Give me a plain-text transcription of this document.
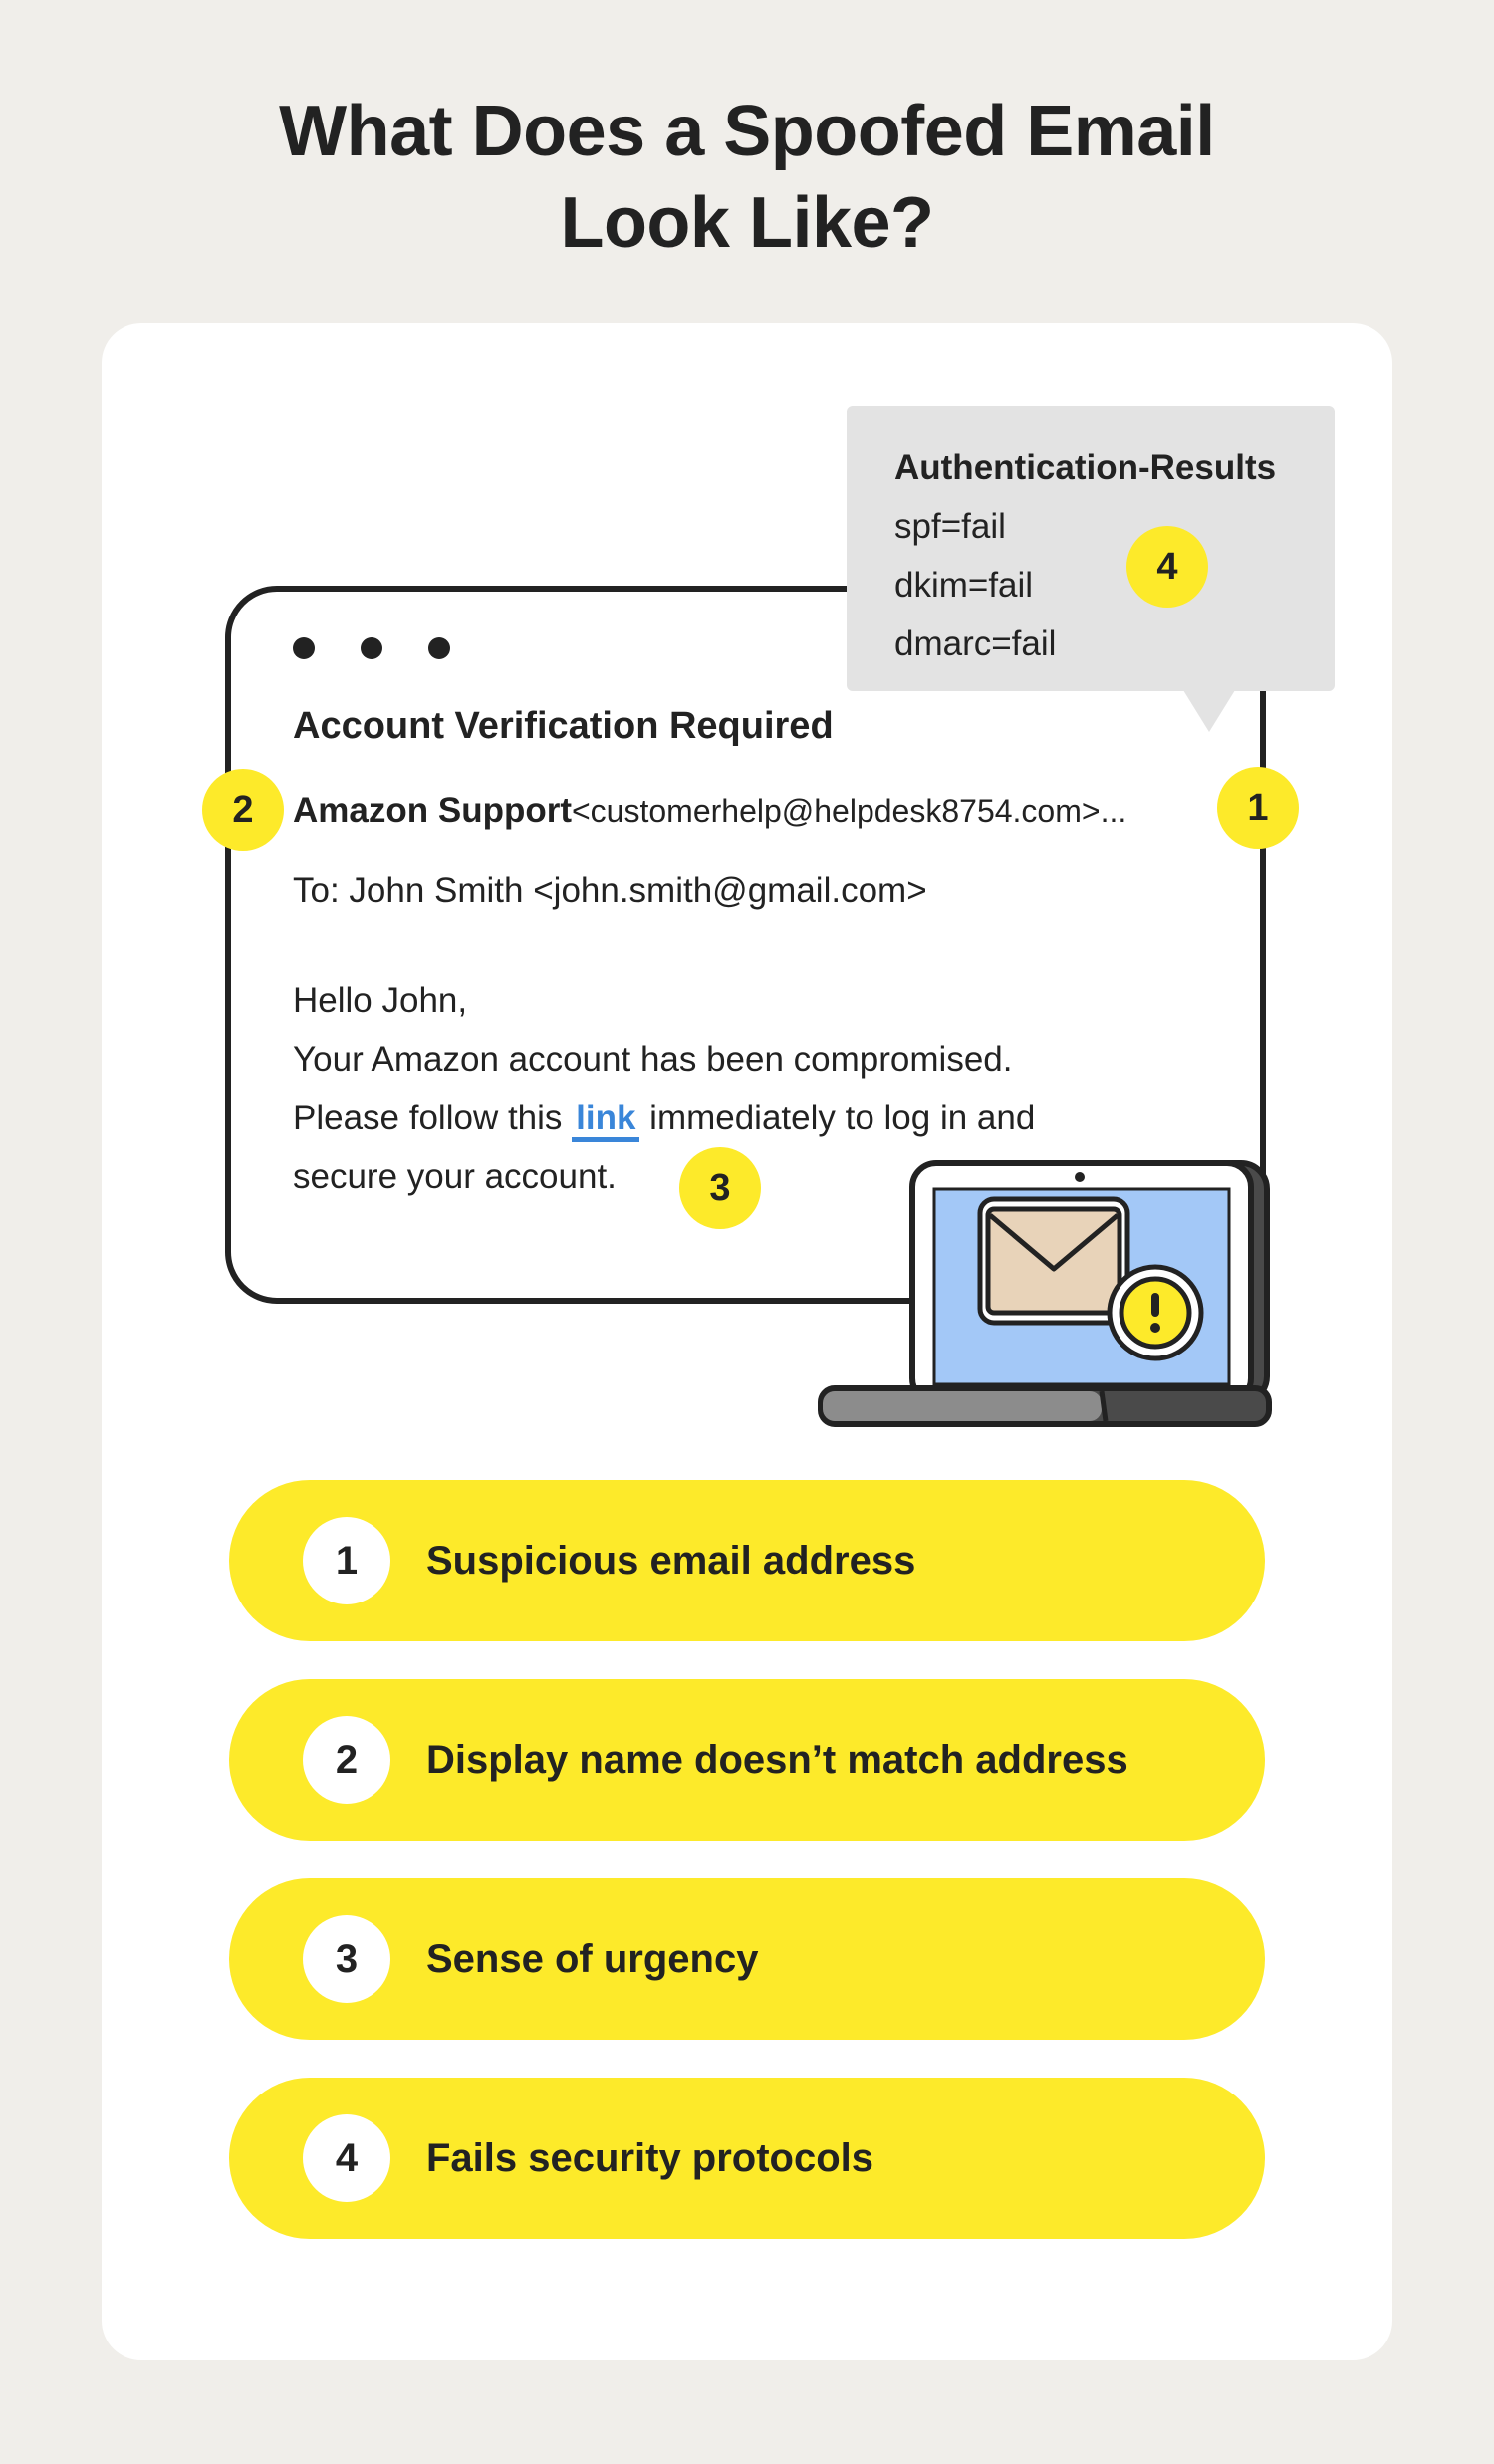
What Does a Spoofed Email
Look Like?
Account Verification Required
Amazon Support<customerhelp@helpdesk8754.com>...
To: John Smith <john.smith@gmail.com>

Hello John,

Your Amazon account has been compromised.

Please follow this link immediately to log in and

secure your account.

Authentication-Results
spf=fail
dkim=fail
dmarc=fail
4
1
2
3
1	Suspicious email address
2	Display name doesn’t match address
3	Sense of urgency
4	Fails security protocols
